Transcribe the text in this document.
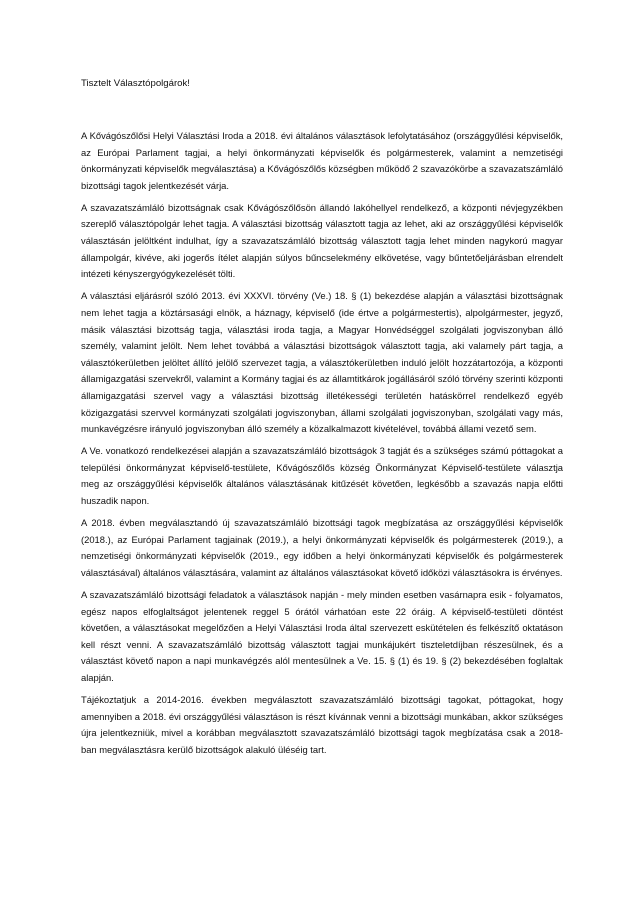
Tisztelt Választópolgárok!

A Kővágószőlősi Helyi Választási Iroda a 2018. évi általános választások lefolytatásához (országgyűlési képviselők, az Európai Parlament tagjai, a helyi önkormányzati képviselők és polgármesterek, valamint a nemzetiségi önkormányzati képviselők megválasztása) a Kővágószőlős községben működő 2 szavazókörbe a szavazatszámláló bizottsági tagok jelentkezését várja.

A szavazatszámláló bizottságnak csak Kővágószőlősön állandó lakóhellyel rendelkező, a központi névjegyzékben szereplő választópolgár lehet tagja. A választási bizottság választott tagja az lehet, aki az országgyűlési képviselők választásán jelöltként indulhat, így a szavazatszámláló bizottság választott tagja lehet minden nagykorú magyar állampolgár, kivéve, aki jogerős ítélet alapján súlyos bűncselekmény elkövetése, vagy bűntetőeljárásban elrendelt intézeti kényszergyógykezelését tölti.

A választási eljárásról szóló 2013. évi XXXVI. törvény (Ve.) 18. § (1) bekezdése alapján a választási bizottságnak nem lehet tagja a köztársasági elnök, a háznagy, képviselő (ide értve a polgármestertis), alpolgármester, jegyző, másik választási bizottság tagja, választási iroda tagja, a Magyar Honvédséggel szolgálati jogviszonyban álló személy, valamint jelölt. Nem lehet továbbá a választási bizottságok választott tagja, aki valamely párt tagja, a választókerületben jelöltet állító jelölő szervezet tagja, a választókerületben induló jelölt hozzátartozója, a központi államigazgatási szervekről, valamint a Kormány tagjai és az államtitkárok jogállásáról szóló törvény szerinti központi államigazgatási szervel vagy a választási bizottság illetékességi területén hatáskörrel rendelkező egyéb közigazgatási szervvel kormányzati szolgálati jogviszonyban, állami szolgálati jogviszonyban, szolgálati vagy más, munkavégzésre irányuló jogviszonyban álló személy a közalkalmazott kivételével, továbbá állami vezető sem.

A Ve. vonatkozó rendelkezései alapján a szavazatszámláló bizottságok 3 tagját és a szükséges számú póttagokat a települési önkormányzat képviselő-testülete, Kővágószőlős község Önkormányzat Képviselő-testülete választja meg az országgyűlési képviselők általános választásának kitűzését követően, legkésőbb a szavazás napja előtti huszadik napon.

A 2018. évben megválasztandó új szavazatszámláló bizottsági tagok megbízatása az országgyűlési képviselők (2018.), az Európai Parlament tagjainak (2019.), a helyi önkormányzati képviselők és polgármesterek (2019.), a nemzetiségi önkormányzati képviselők (2019., egy időben a helyi önkormányzati képviselők és polgármesterek választásával) általános választására, valamint az általános választásokat követő időközi választásokra is érvényes.

A szavazatszámláló bizottsági feladatok a választások napján - mely minden esetben vasárnapra esik - folyamatos, egész napos elfoglaltságot jelentenek reggel 5 órától várhatóan este 22 óráig. A képviselő-testületi döntést követően, a választásokat megelőzően a Helyi Választási Iroda által szervezett eskütételen és felkészítő oktatáson kell részt venni. A szavazatszámláló bizottság választott tagjai munkájukért tiszteletdíjban részesülnek, és a választást követő napon a napi munkavégzés alól mentesülnek a Ve. 15. § (1) és 19. § (2) bekezdésében foglaltak alapján.

Tájékoztatjuk a 2014-2016. években megválasztott szavazatszámláló bizottsági tagokat, póttagokat, hogy amennyiben a 2018. évi országgyűlési választáson is részt kívánnak venni a bizottsági munkában, akkor szükséges újra jelentkezniük, mivel a korábban megválasztott szavazatszámláló bizottsági tagok megbízatása csak a 2018-ban megválasztásra kerülő bizottságok alakuló üléséig tart.
